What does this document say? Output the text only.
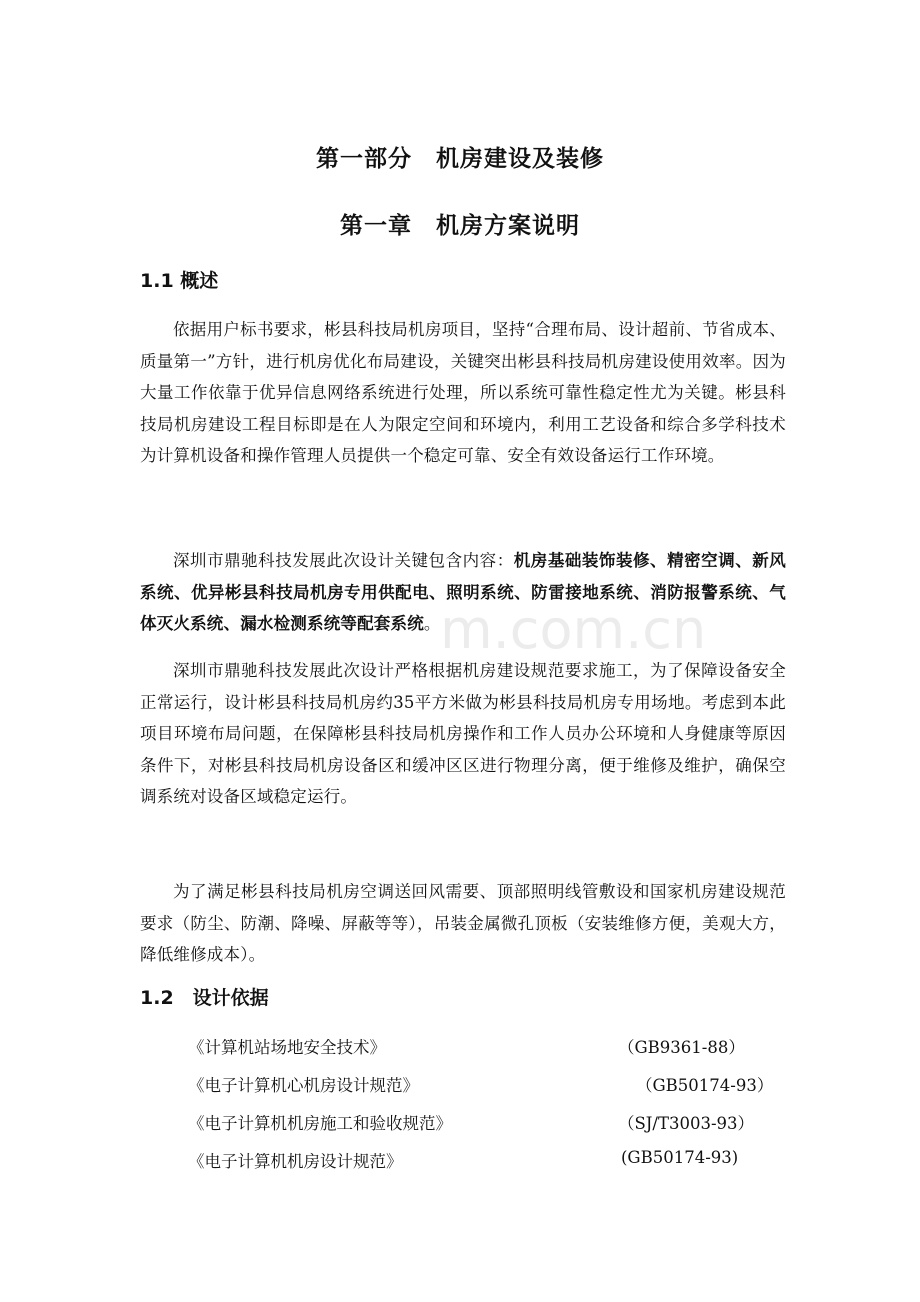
第一部分　机房建设及装修
第一章　机房方案说明
1.1 概述
依据用户标书要求，彬县科技局机房项目，坚持“合理布局、设计超前、节省成本、质量第一”方针，进行机房优化布局建设，关键突出彬县科技局机房建设使用效率。因为大量工作依靠于优异信息网络系统进行处理，所以系统可靠性稳定性尤为关键。彬县科技局机房建设工程目标即是在人为限定空间和环境内，利用工艺设备和综合多学科技术为计算机设备和操作管理人员提供一个稳定可靠、安全有效设备运行工作环境。
深圳市鼎驰科技发展此次设计关键包含内容：机房基础装饰装修、精密空调、新风系统、优异彬县科技局机房专用供配电、照明系统、防雷接地系统、消防报警系统、气体灭火系统、漏水检测系统等配套系统。
深圳市鼎驰科技发展此次设计严格根据机房建设规范要求施工，为了保障设备安全正常运行，设计彬县科技局机房约35平方米做为彬县科技局机房专用场地。考虑到本此项目环境布局问题，在保障彬县科技局机房操作和工作人员办公环境和人身健康等原因条件下，对彬县科技局机房设备区和缓冲区区进行物理分离，便于维修及维护，确保空调系统对设备区域稳定运行。
为了满足彬县科技局机房空调送回风需要、顶部照明线管敷设和国家机房建设规范要求（防尘、防潮、降噪、屏蔽等等），吊装金属微孔顶板（安装维修方便，美观大方，降低维修成本）。
1.2　设计依据
《计算机站场地安全技术》	（GB9361-88）
《电子计算机心机房设计规范》	（GB50174-93）
《电子计算机机房施工和验收规范》	（SJ/T3003-93）
《电子计算机机房设计规范》	(GB50174-93)
m.com.cn
